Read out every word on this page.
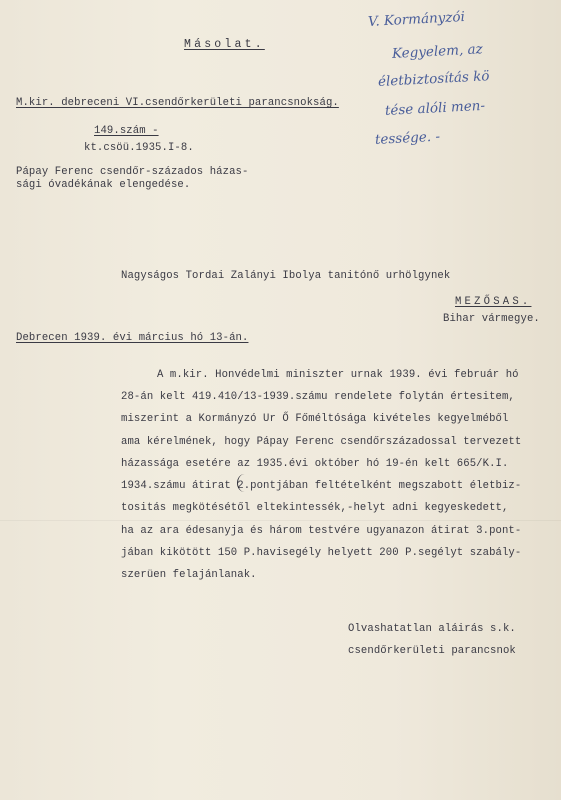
Másolat.
V. Kormányzói
Kegyelem, az
életbiztosítás kö
tése alóli men-
tessége. -
M.kir. debreceni VI.csendőrkerületi parancsnokság.
149.szám -
kt.csöü.1935.I-8.
Pápay Ferenc csendőr-százados házas-
sági óvadékának elengedése.
Nagyságos Tordai Zalányi Ibolya tanitónő urhölgynek
MEZŐSAS.
Bihar vármegye.
Debrecen 1939. évi március hó 13-án.
A m.kir. Honvédelmi miniszter urnak 1939. évi február hó
28-án kelt 419.410/13-1939.számu rendelete folytán értesitem,
miszerint a Kormányzó Ur Ő Főméltósága kivételes kegyelméből
ama kérelmének, hogy Pápay Ferenc csendőrszázadossal tervezett
házassága esetére az 1935.évi október hó 19-én kelt 665/K.I.
1934.számu átirat 2.pontjában feltételként megszabott életbiz-
tositás megkötésétől eltekintessék,-helyt adni kegyeskedett,
ha az ara édesanyja és három testvére ugyanazon átirat 3.pont-
jában kikötött 150 P.havisegély helyett 200 P.segélyt szabály-
szerüen felajánlanak.
Olvashatatlan aláirás s.k.
csendőrkerületi parancsnok
